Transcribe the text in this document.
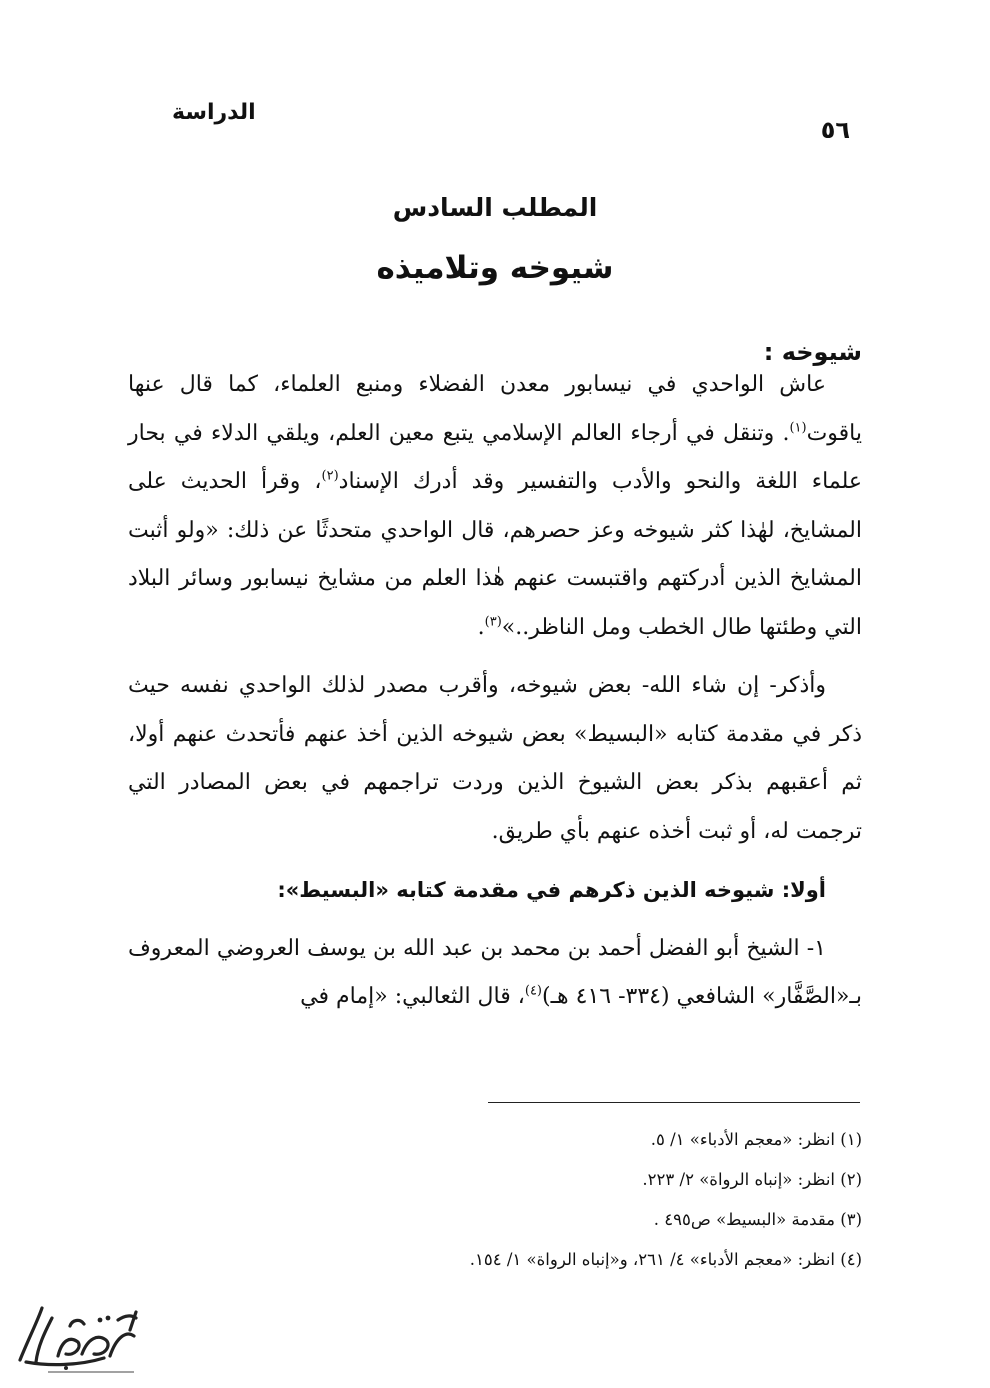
الدراسة
٥٦
المطلب السادس
شيوخه وتلاميذه
شيوخه :

عاش الواحدي في نيسابور معدن الفضلاء ومنبع العلماء، كما قال عنها ياقوت$^{(١)}$. وتنقل في أرجاء العالم الإسلامي يتبع معين العلم، ويلقي الدلاء في بحار علماء اللغة والنحو والأدب والتفسير وقد أدرك الإسناد$^{(٢)}$، وقرأ الحديث على المشايخ، لهٰذا كثر شيوخه وعز حصرهم، قال الواحدي متحدثًا عن ذلك: «ولو أثبت المشايخ الذين أدركتهم واقتبست عنهم هٰذا العلم من مشايخ نيسابور وسائر البلاد التي وطئتها طال الخطب ومل الناظر..»$^{(٣)}$.

وأذكر- إن شاء الله- بعض شيوخه، وأقرب مصدر لذلك الواحدي نفسه حيث ذكر في مقدمة كتابه «البسيط» بعض شيوخه الذين أخذ عنهم فأتحدث عنهم أولا، ثم أعقبهم بذكر بعض الشيوخ الذين وردت تراجمهم في بعض المصادر التي ترجمت له، أو ثبت أخذه عنهم بأي طريق.

أولا: شيوخه الذين ذكرهم في مقدمة كتابه «البسيط»:

١- الشيخ أبو الفضل أحمد بن محمد بن عبد الله بن يوسف العروضي المعروف بـ«الصَّفَّار» الشافعي (٣٣٤- ٤١٦ هـ)$^{(٤)}$، قال الثعالبي: «إمام في

(١) انظر: «معجم الأدباء» ١/ ٥.
(٢) انظر: «إنباه الرواة» ٢/ ٢٢٣.
(٣) مقدمة «البسيط» ص٤٩٥ .
(٤) انظر: «معجم الأدباء» ٤/ ٢٦١، و«إنباه الرواة» ١/ ١٥٤.
